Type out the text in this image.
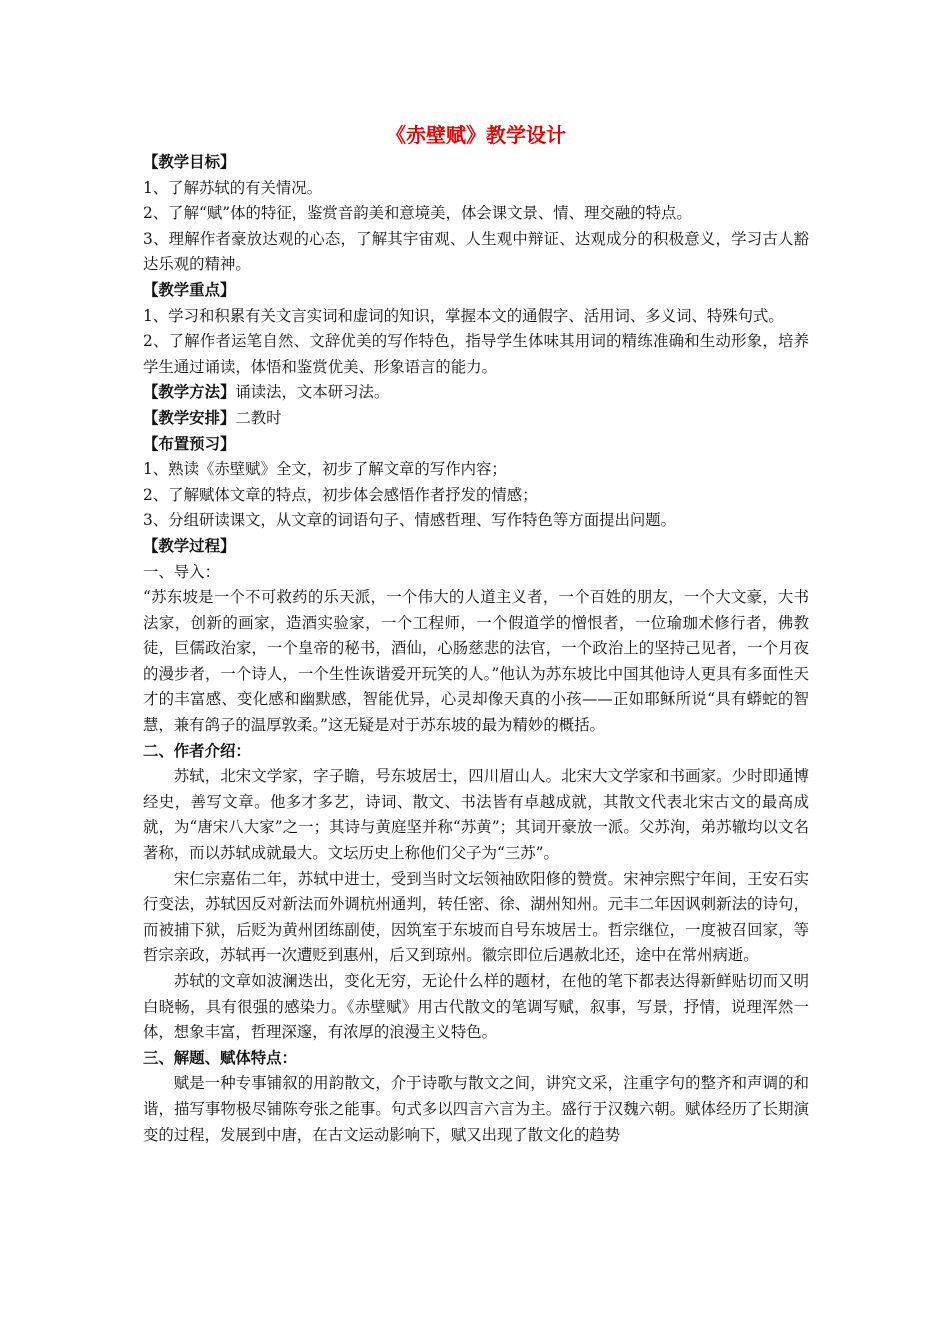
《赤壁赋》教学设计
【教学目标】
1、了解苏轼的有关情况。
2、了解“赋”体的特征，鉴赏音韵美和意境美，体会课文景、情、理交融的特点。
3、理解作者豪放达观的心态，了解其宇宙观、人生观中辩证、达观成分的积极意义，学习古人豁达乐观的精神。
【教学重点】
1、学习和积累有关文言实词和虚词的知识，掌握本文的通假字、活用词、多义词、特殊句式。
2、了解作者运笔自然、文辞优美的写作特色，指导学生体味其用词的精练准确和生动形象，培养学生通过诵读，体悟和鉴赏优美、形象语言的能力。
【教学方法】诵读法，文本研习法。
【教学安排】二教时
【布置预习】
1、熟读《赤壁赋》全文，初步了解文章的写作内容；
2、了解赋体文章的特点，初步体会感悟作者抒发的情感；
3、分组研读课文，从文章的词语句子、情感哲理、写作特色等方面提出问题。
【教学过程】
一、导入：
“苏东坡是一个不可救药的乐天派，一个伟大的人道主义者，一个百姓的朋友，一个大文豪，大书法家，创新的画家，造酒实验家，一个工程师，一个假道学的憎恨者，一位瑜珈术修行者，佛教徒，巨儒政治家，一个皇帝的秘书，酒仙，心肠慈悲的法官，一个政治上的坚持己见者，一个月夜的漫步者，一个诗人，一个生性诙谐爱开玩笑的人。”他认为苏东坡比中国其他诗人更具有多面性天才的丰富感、变化感和幽默感，智能优异，心灵却像天真的小孩——正如耶稣所说“具有蟒蛇的智慧，兼有鸽子的温厚敦柔。”这无疑是对于苏东坡的最为精妙的概括。
二、作者介绍：
苏轼，北宋文学家，字子瞻，号东坡居士，四川眉山人。北宋大文学家和书画家。少时即通博经史，善写文章。他多才多艺，诗词、散文、书法皆有卓越成就，其散文代表北宋古文的最高成就，为“唐宋八大家”之一；其诗与黄庭坚并称“苏黄”；其词开豪放一派。父苏洵，弟苏辙均以文名著称，而以苏轼成就最大。文坛历史上称他们父子为“三苏”。
宋仁宗嘉佑二年，苏轼中进士，受到当时文坛领袖欧阳修的赞赏。宋神宗熙宁年间，王安石实行变法，苏轼因反对新法而外调杭州通判，转任密、徐、湖州知州。元丰二年因讽刺新法的诗句，而被捕下狱，后贬为黄州团练副使，因筑室于东坡而自号东坡居士。哲宗继位，一度被召回家，等哲宗亲政，苏轼再一次遭贬到惠州，后又到琼州。徽宗即位后遇赦北还，途中在常州病逝。
苏轼的文章如波澜迭出，变化无穷，无论什么样的题材，在他的笔下都表达得新鲜贴切而又明白晓畅，具有很强的感染力。《赤壁赋》用古代散文的笔调写赋，叙事，写景，抒情，说理浑然一体，想象丰富，哲理深邃，有浓厚的浪漫主义特色。
三、解题、赋体特点：
赋是一种专事铺叙的用韵散文，介于诗歌与散文之间，讲究文采，注重字句的整齐和声调的和谐，描写事物极尽铺陈夸张之能事。句式多以四言六言为主。盛行于汉魏六朝。赋体经历了长期演变的过程，发展到中唐，在古文运动影响下，赋又出现了散文化的趋势
